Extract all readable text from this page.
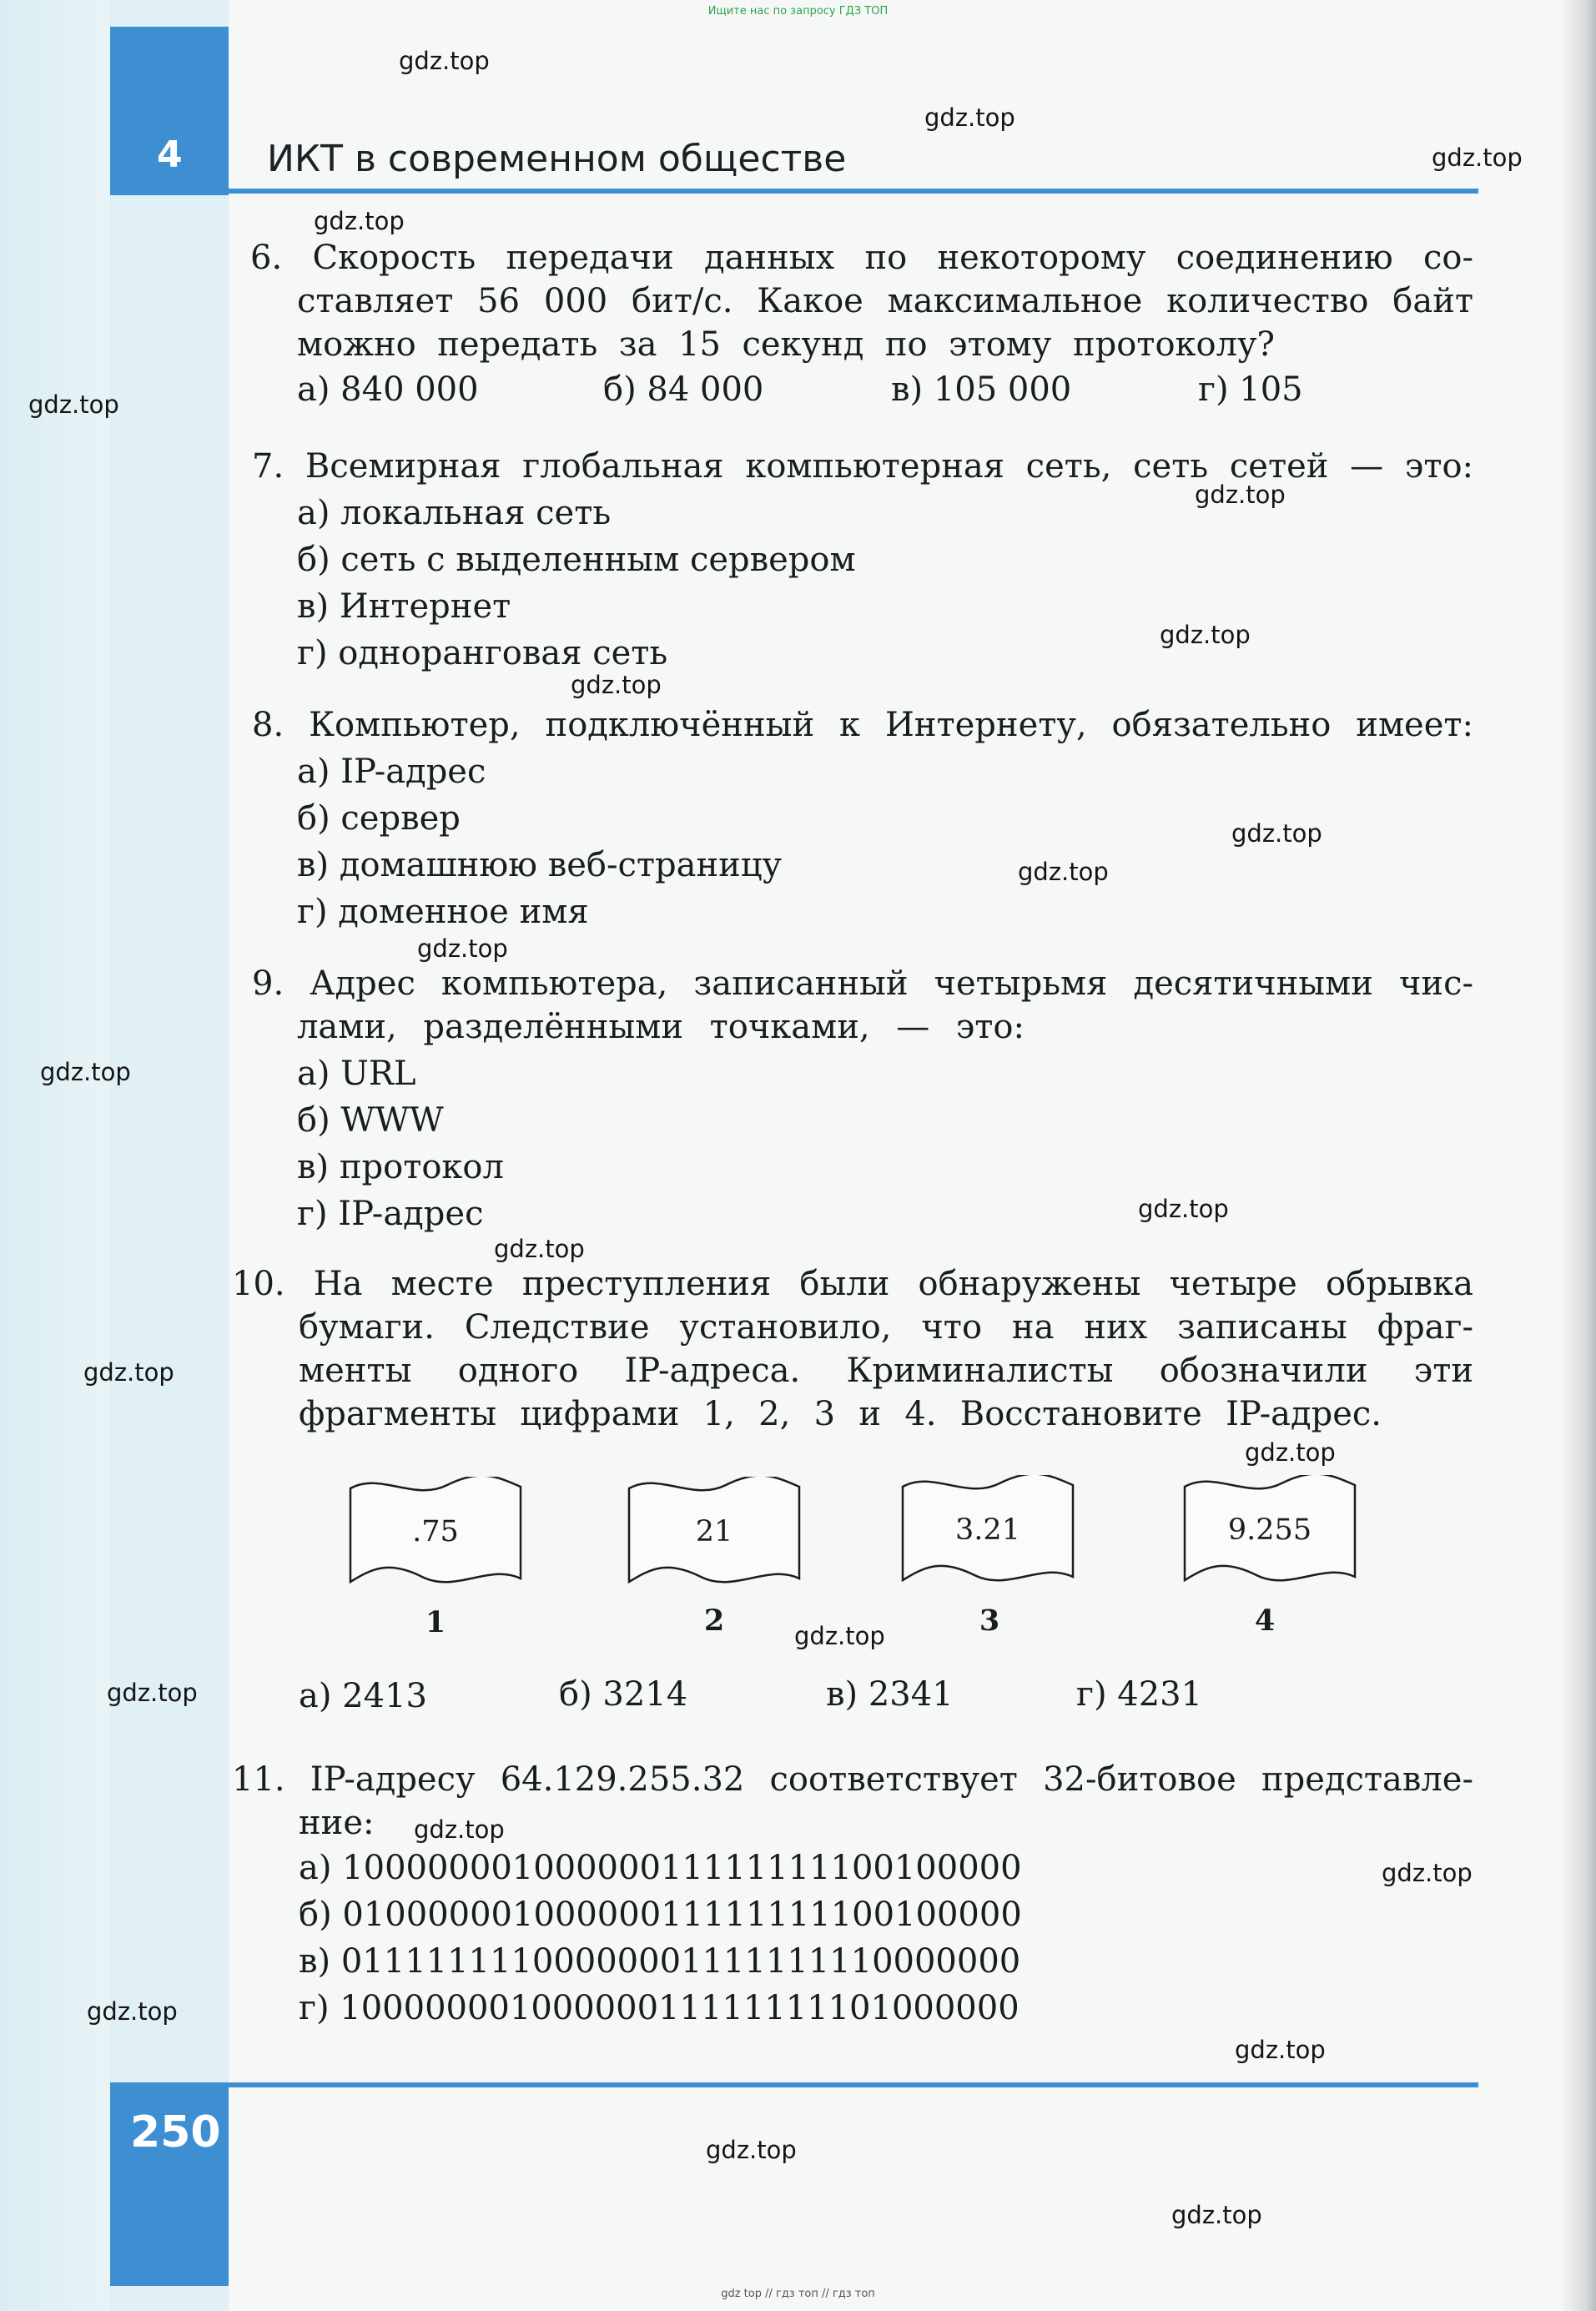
Ищите нас по запросу ГДЗ ТОП
4 ИКТ в современном обществе
6. Скорость передачи данных по некоторому соединению со-
ставляет 56 000 бит/с. Какое максимальное количество байт
можно передать за 15 секунд по этому протоколу?
а) 840 000	б) 84 000	в) 105 000	г) 105
7. Всемирная глобальная компьютерная сеть, сеть сетей — это:
а) локальная сеть
б) сеть с выделенным сервером
в) Интернет
г) одноранговая сеть
8. Компьютер, подключённый к Интернету, обязательно имеет:
а) IP-адрес
б) сервер
в) домашнюю веб-страницу
г) доменное имя
9. Адрес компьютера, записанный четырьмя десятичными чис-
лами, разделёнными точками, — это:
а) URL
б) WWW
в) протокол
г) IP-адрес
10. На месте преступления были обнаружены четыре обрывка
бумаги. Следствие установило, что на них записаны фраг-
менты одного IP-адреса. Криминалисты обозначили эти
фрагменты цифрами 1, 2, 3 и 4. Восстановите IP-адрес.
.75	21	3.21	9.255
1	2	3	4
а) 2413	б) 3214	в) 2341	г) 4231
11. IP-адресу 64.129.255.32 соответствует 32-битовое представле-
ние:
а) 10000000100000011111111100100000
б) 01000000100000011111111100100000
в) 01111111100000001111111110000000
г) 10000000100000011111111101000000
250
gdz.top
gdz.top
gdz.top
gdz.top
gdz.top
gdz.top
gdz.top
gdz.top
gdz.top
gdz.top
gdz.top
gdz.top
gdz.top
gdz.top
gdz.top
gdz.top
gdz.top
gdz.top
gdz.top
gdz.top
gdz.top
gdz.top
gdz.top
gdz.top
gdz top // гдз топ // гдз топ
